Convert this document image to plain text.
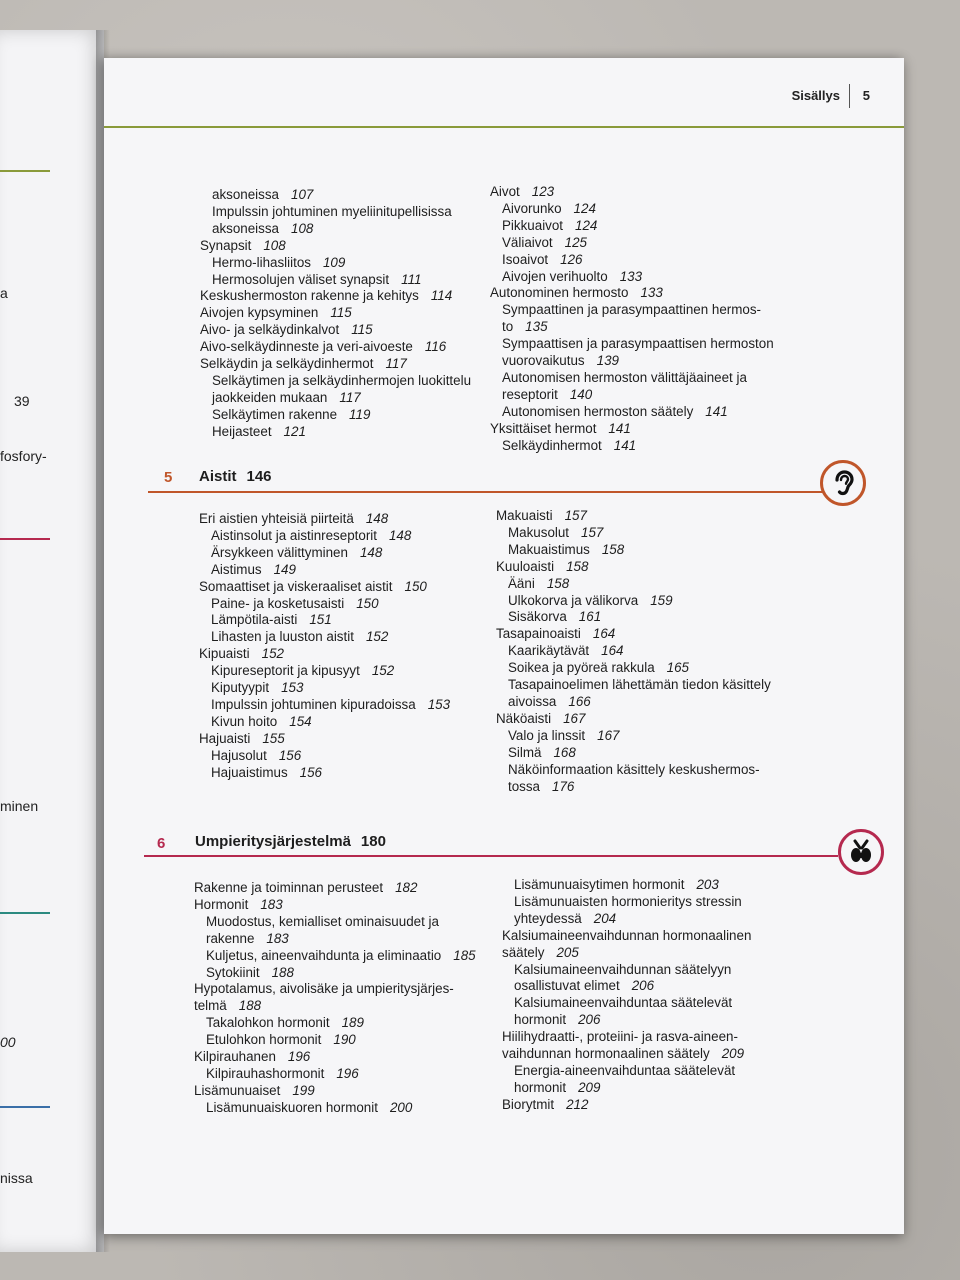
a
39
fosfory-
minen
00
nissa
Sisällys 5
aksoneissa 107
Impulssin johtuminen myeliinitupellisissa
aksoneissa 108
Synapsit 108
Hermo-lihasliitos 109
Hermosolujen väliset synapsit 111
Keskushermoston rakenne ja kehitys 114
Aivojen kypsyminen 115
Aivo- ja selkäydinkalvot 115
Aivo-selkäydinneste ja veri-aivoeste 116
Selkäydin ja selkäydinhermot 117
Selkäytimen ja selkäydinhermojen luokittelu
jaokkeiden mukaan 117
Selkäytimen rakenne 119
Heijasteet 121
Aivot 123
Aivorunko 124
Pikkuaivot 124
Väliaivot 125
Isoaivot 126
Aivojen verihuolto 133
Autonominen hermosto 133
Sympaattinen ja parasympaattinen hermos-
to 135
Sympaattisen ja parasympaattisen hermoston
vuorovaikutus 139
Autonomisen hermoston välittäjäaineet ja
reseptorit 140
Autonomisen hermoston säätely 141
Yksittäiset hermot 141
Selkäydinhermot 141
5 Aistit 146
Eri aistien yhteisiä piirteitä 148
Aistinsolut ja aistinreseptorit 148
Ärsykkeen välittyminen 148
Aistimus 149
Somaattiset ja viskeraaliset aistit 150
Paine- ja kosketusaisti 150
Lämpötila-aisti 151
Lihasten ja luuston aistit 152
Kipuaisti 152
Kipureseptorit ja kipusyyt 152
Kiputyypit 153
Impulssin johtuminen kipuradoissa 153
Kivun hoito 154
Hajuaisti 155
Hajusolut 156
Hajuaistimus 156
Makuaisti 157
Makusolut 157
Makuaistimus 158
Kuuloaisti 158
Ääni 158
Ulkokorva ja välikorva 159
Sisäkorva 161
Tasapainoaisti 164
Kaarikäytävät 164
Soikea ja pyöreä rakkula 165
Tasapainoelimen lähettämän tiedon käsittely
aivoissa 166
Näköaisti 167
Valo ja linssit 167
Silmä 168
Näköinformaation käsittely keskushermos-
tossa 176
6 Umpieritysjärjestelmä 180
Rakenne ja toiminnan perusteet 182
Hormonit 183
Muodostus, kemialliset ominaisuudet ja
rakenne 183
Kuljetus, aineenvaihdunta ja eliminaatio 185
Sytokiinit 188
Hypotalamus, aivolisäke ja umpieritysjärjes-
telmä 188
Takalohkon hormonit 189
Etulohkon hormonit 190
Kilpirauhanen 196
Kilpirauhashormonit 196
Lisämunuaiset 199
Lisämunuaiskuoren hormonit 200
Lisämunuaisytimen hormonit 203
Lisämunuaisten hormonieritys stressin
yhteydessä 204
Kalsiumaineenvaihdunnan hormonaalinen
säätely 205
Kalsiumaineenvaihdunnan säätelyyn
osallistuvat elimet 206
Kalsiumaineenvaihduntaa säätelevät
hormonit 206
Hiilihydraatti-, proteiini- ja rasva-aineen-
vaihdunnan hormonaalinen säätely 209
Energia-aineenvaihduntaa säätelevät
hormonit 209
Biorytmit 212
